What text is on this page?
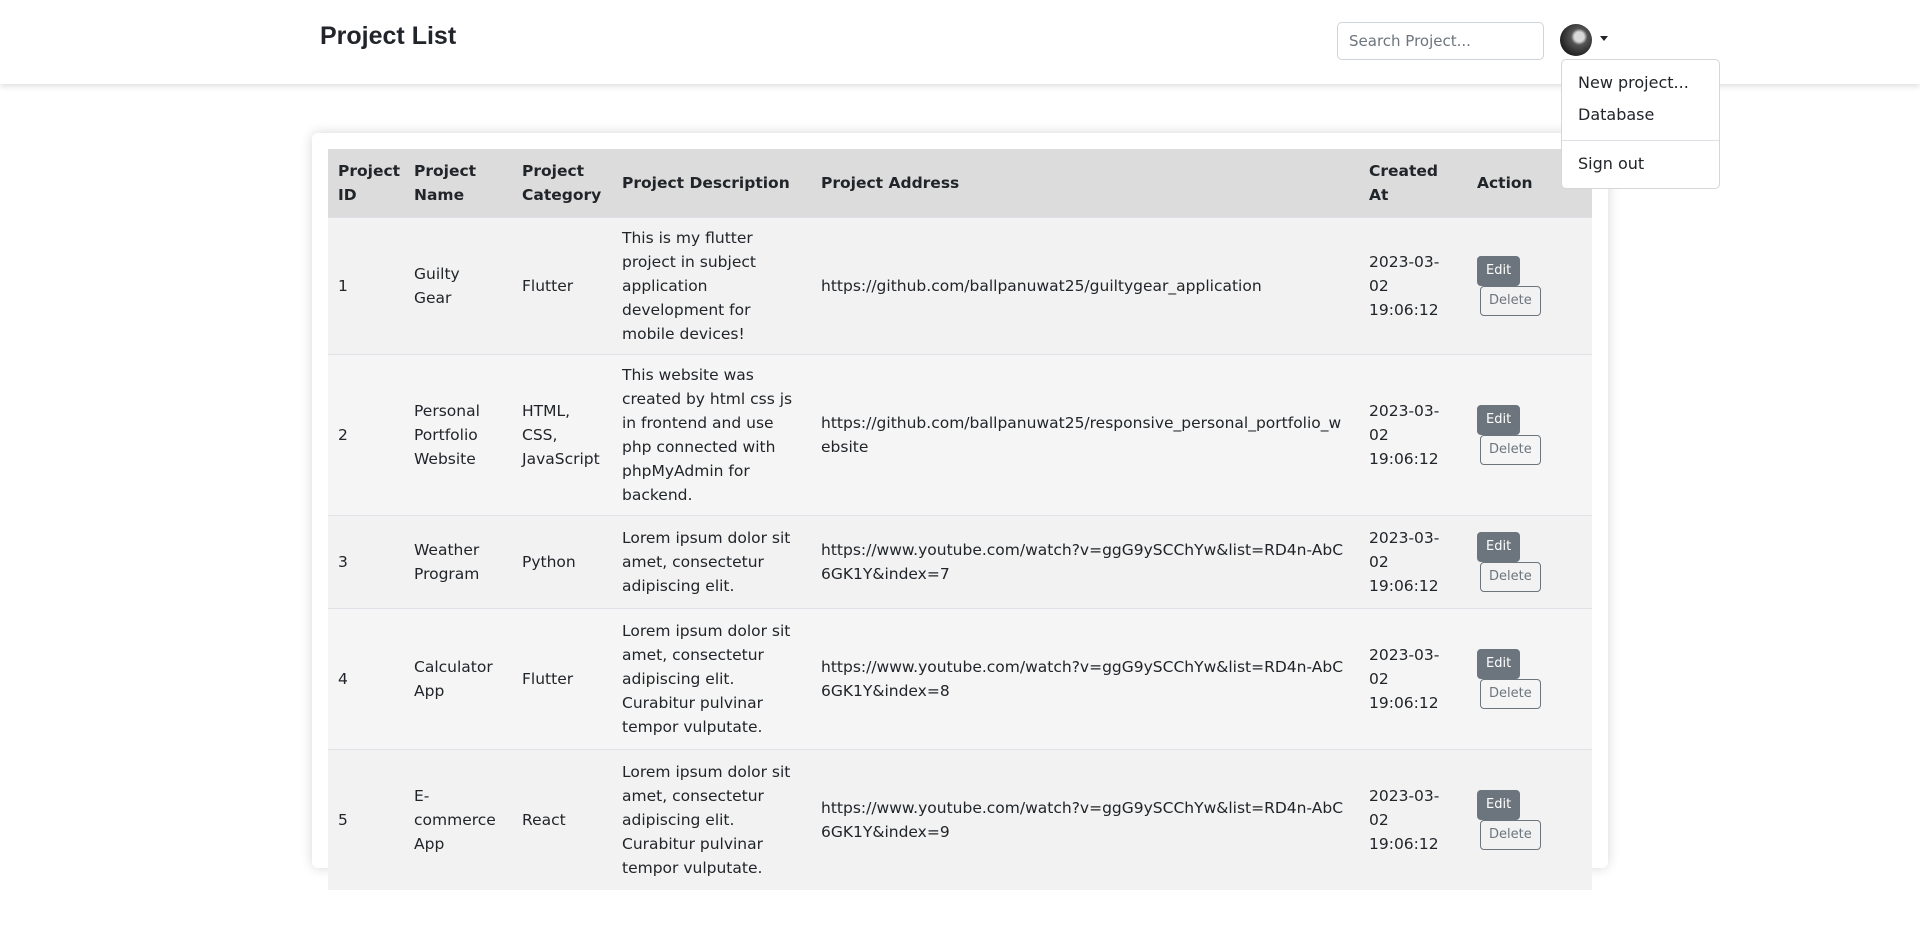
Project List
Search Project...
New project...
Database
Sign out
Project ID	Project Name	Project Category	Project Description	Project Address	Created At	Action
1	Guilty Gear	Flutter	This is my flutter project in subject application development for mobile devices!	https://github.com/ballpanuwat25/guiltygear_application	2023-03-02 19:06:12	EditDelete
2	Personal Portfolio Website	HTML, CSS, JavaScript	This website was created by html css js in frontend and use php connected with phpMyAdmin for backend.	https://github.com/ballpanuwat25/responsive_personal_portfolio_website	2023-03-02 19:06:12	EditDelete
3	Weather Program	Python	Lorem ipsum dolor sit amet, consectetur adipiscing elit.	https://www.youtube.com/watch?v=ggG9ySCChYw&list=RD4n-AbC6GK1Y&index=7	2023-03-02 19:06:12	EditDelete
4	Calculator App	Flutter	Lorem ipsum dolor sit amet, consectetur adipiscing elit. Curabitur pulvinar tempor vulputate.	https://www.youtube.com/watch?v=ggG9ySCChYw&list=RD4n-AbC6GK1Y&index=8	2023-03-02 19:06:12	EditDelete
5	E-commerce App	React	Lorem ipsum dolor sit amet, consectetur adipiscing elit. Curabitur pulvinar tempor vulputate.	https://www.youtube.com/watch?v=ggG9ySCChYw&list=RD4n-AbC6GK1Y&index=9	2023-03-02 19:06:12	EditDelete
